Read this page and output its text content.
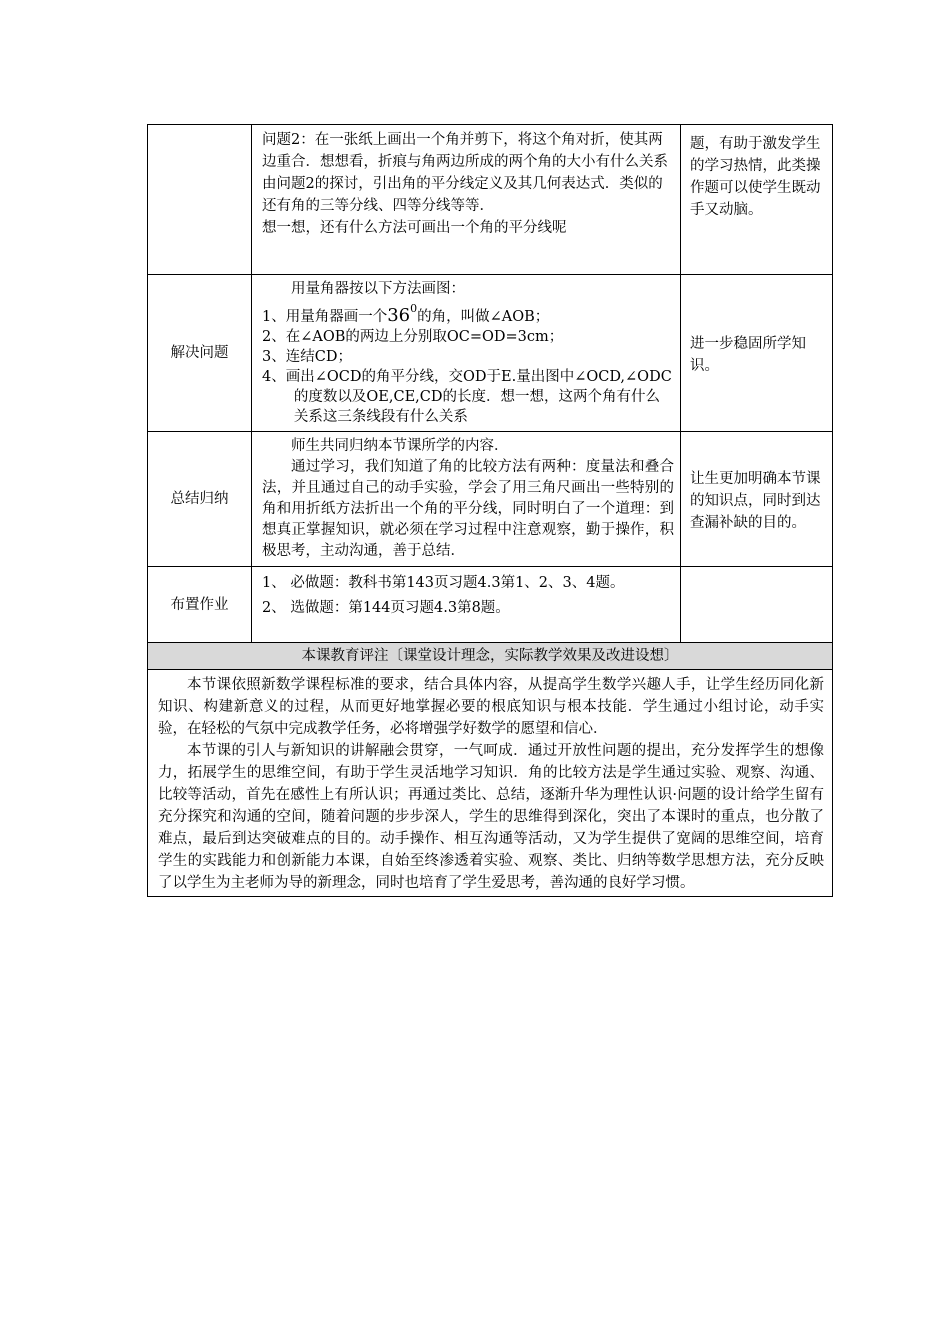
	问题2：在一张纸上画出一个角并剪下，将这个角对折，使其两边重合．想想看，折痕与角两边所成的两个角的大小有什么关系

由问题2的探讨，引出角的平分线定义及其几何表达式．类似的还有角的三等分线、四等分线等等．

想一想，还有什么方法可画出一个角的平分线呢	题，有助于激发学生的学习热情，此类操作题可以使学生既动手又动脑。
解决问题	用量角器按以下方法画图：

1、用量角器画一个$36^0$的角，叫做∠AOB；

2、在∠AOB的两边上分别取OC=OD=3cm；

3、连结CD；

4、画出∠OCD的角平分线，交OD于E.量出图中∠OCD,∠ODC的度数以及OE,CE,CD的长度．想一想，这两个角有什么关系这三条线段有什么关系	进一步稳固所学知识。
总结归纳	师生共同归纳本节课所学的内容．

通过学习，我们知道了角的比较方法有两种：度量法和叠合法，并且通过自己的动手实验，学会了用三角尺画出一些特别的角和用折纸方法折出一个角的平分线，同时明白了一个道理：到想真正掌握知识，就必须在学习过程中注意观察，勤于操作，积极思考，主动沟通，善于总结．	让生更加明确本节课的知识点，同时到达查漏补缺的目的。
布置作业	1、 必做题：教科书第143页习题4.3第1、2、3、4题。

2、 选做题：第144页习题4.3第8题。	

本课教育评注〔课堂设计理念，实际教学效果及改进设想〕		

本节课依照新数学课程标准的要求，结合具体内容，从提高学生数学兴趣人手，让学生经历同化新知识、构建新意义的过程，从而更好地掌握必要的根底知识与根本技能．学生通过小组讨论，动手实验，在轻松的气氛中完成教学任务，必将增强学好数学的愿望和信心．

本节课的引人与新知识的讲解融会贯穿，一气呵成．通过开放性问题的提出，充分发挥学生的想像力，拓展学生的思维空间，有助于学生灵活地学习知识．角的比较方法是学生通过实验、观察、沟通、比较等活动，首先在感性上有所认识；再通过类比、总结，逐渐升华为理性认识·问题的设计给学生留有充分探究和沟通的空间，随着问题的步步深人，学生的思维得到深化，突出了本课时的重点，也分散了难点，最后到达突破难点的目的。动手操作、相互沟通等活动，又为学生提供了宽阔的思维空间，培育学生的实践能力和创新能力本课，自始至终渗透着实验、观察、类比、归纳等数学思想方法，充分反映了以学生为主老师为导的新理念，同时也培育了学生爱思考，善沟通的良好学习惯。		
